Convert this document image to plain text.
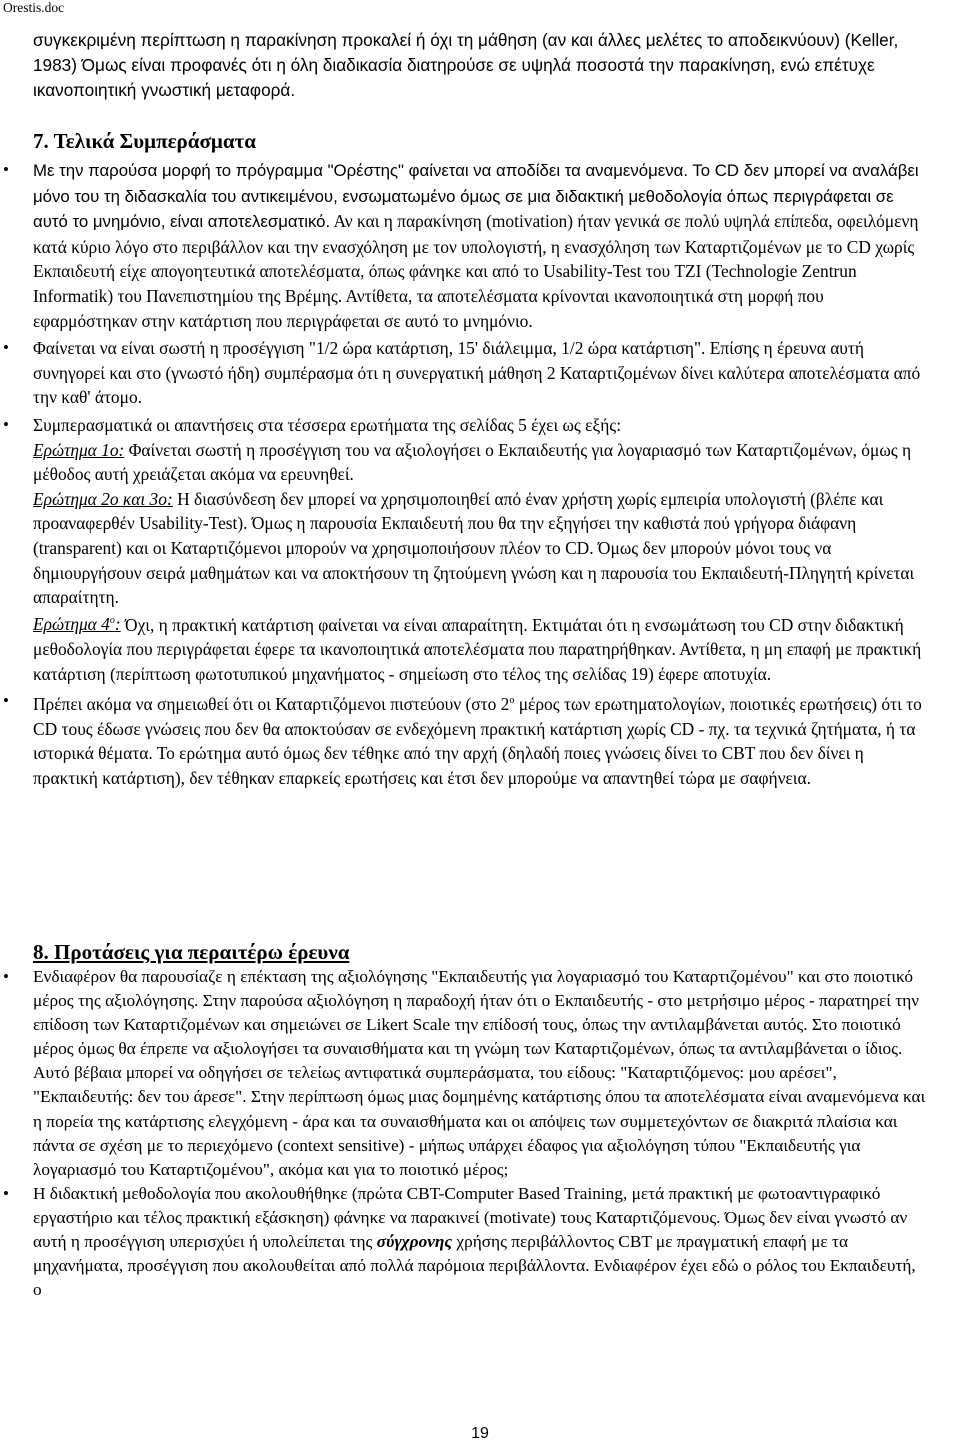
Orestis.doc
συγκεκριμένη περίπτωση η παρακίνηση προκαλεί ή όχι τη μάθηση (αν και άλλες μελέτες το αποδεικνύουν) (Keller, 1983) Όμως είναι προφανές ότι η όλη διαδικασία διατηρούσε σε υψηλά ποσοστά την παρακίνηση, ενώ επέτυχε ικανοποιητική γνωστική μεταφορά.
7. Τελικά Συμπεράσματα
• Με την παρούσα μορφή το πρόγραμμα "Ορέστης" φαίνεται να αποδίδει τα αναμενόμενα. Το CD δεν μπορεί να αναλάβει μόνο του τη διδασκαλία του αντικειμένου, ενσωματωμένο όμως σε μια διδακτική μεθοδολογία όπως περιγράφεται σε αυτό το μνημόνιο, είναι αποτελεσματικό. Αν και η παρακίνηση (motivation) ήταν γενικά σε πολύ υψηλά επίπεδα, οφειλόμενη κατά κύριο λόγο στο περιβάλλον και την ενασχόληση με τον υπολογιστή, η ενασχόληση των Καταρτιζομένων με το CD χωρίς Εκπαιδευτή είχε απογοητευτικά αποτελέσματα, όπως φάνηκε και από το Usability-Test του TZI (Technologie Zentrun Informatik) του Πανεπιστημίου της Βρέμης. Αντίθετα, τα αποτελέσματα κρίνονται ικανοποιητικά στη μορφή που εφαρμόστηκαν στην κατάρτιση που περιγράφεται σε αυτό το μνημόνιο.
• Φαίνεται να είναι σωστή η προσέγγιση "1/2 ώρα κατάρτιση, 15' διάλειμμα, 1/2 ώρα κατάρτιση". Επίσης η έρευνα αυτή συνηγορεί και στο (γνωστό ήδη) συμπέρασμα ότι η συνεργατική μάθηση 2 Καταρτιζομένων δίνει καλύτερα αποτελέσματα από την καθ' άτομο.
• Συμπερασματικά οι απαντήσεις στα τέσσερα ερωτήματα της σελίδας 5 έχει ως εξής:
Ερώτημα 1ο: Φαίνεται σωστή η προσέγγιση του να αξιολογήσει ο Εκπαιδευτής για λογαριασμό των Καταρτιζομένων, όμως η μέθοδος αυτή χρειάζεται ακόμα να ερευνηθεί.
Ερώτημα 2ο και 3ο: Η διασύνδεση δεν μπορεί να χρησιμοποιηθεί από έναν χρήστη χωρίς εμπειρία υπολογιστή (βλέπε και προαναφερθέν Usability-Test). Όμως η παρουσία Εκπαιδευτή που θα την εξηγήσει την καθιστά πού γρήγορα διάφανη (transparent) και οι Καταρτιζόμενοι μπορούν να χρησιμοποιήσουν πλέον το CD. Όμως δεν μπορούν μόνοι τους να δημιουργήσουν σειρά μαθημάτων και να αποκτήσουν τη ζητούμενη γνώση και η παρουσία του Εκπαιδευτή-Πληγητή κρίνεται απαραίτητη.
Ερώτημα $4^o$: Όχι, η πρακτική κατάρτιση φαίνεται να είναι απαραίτητη. Εκτιμάται ότι η ενσωμάτωση του CD στην διδακτική μεθοδολογία που περιγράφεται έφερε τα ικανοποιητικά αποτελέσματα που παρατηρήθηκαν. Αντίθετα, η μη επαφή με πρακτική κατάρτιση (περίπτωση φωτοτυπικού μηχανήματος - σημείωση στο τέλος της σελίδας 19) έφερε αποτυχία.
• Πρέπει ακόμα να σημειωθεί ότι οι Καταρτιζόμενοι πιστεύουν (στο $2^o$ μέρος των ερωτηματολογίων, ποιοτικές ερωτήσεις) ότι το CD τους έδωσε γνώσεις που δεν θα αποκτούσαν σε ενδεχόμενη πρακτική κατάρτιση χωρίς CD - πχ. τα τεχνικά ζητήματα, ή τα ιστορικά θέματα. Το ερώτημα αυτό όμως δεν τέθηκε από την αρχή (δηλαδή ποιες γνώσεις δίνει το CBT που δεν δίνει η πρακτική κατάρτιση), δεν τέθηκαν επαρκείς ερωτήσεις και έτσι δεν μπορούμε να απαντηθεί τώρα με σαφήνεια.
8. Προτάσεις για περαιτέρω έρευνα
• Ενδιαφέρον θα παρουσίαζε η επέκταση της αξιολόγησης "Εκπαιδευτής για λογαριασμό του Καταρτιζομένου" και στο ποιοτικό μέρος της αξιολόγησης. Στην παρούσα αξιολόγηση η παραδοχή ήταν ότι ο Εκπαιδευτής - στο μετρήσιμο μέρος - παρατηρεί την επίδοση των Καταρτιζομένων και σημειώνει σε Likert Scale την επίδοσή τους, όπως την αντιλαμβάνεται αυτός. Στο ποιοτικό μέρος όμως θα έπρεπε να αξιολογήσει τα συναισθήματα και τη γνώμη των Καταρτιζομένων, όπως τα αντιλαμβάνεται ο ίδιος. Αυτό βέβαια μπορεί να οδηγήσει σε τελείως αντιφατικά συμπεράσματα, του είδους: "Καταρτιζόμενος: μου αρέσει", "Εκπαιδευτής: δεν του άρεσε". Στην περίπτωση όμως μιας δομημένης κατάρτισης όπου τα αποτελέσματα είναι αναμενόμενα και η πορεία της κατάρτισης ελεγχόμενη - άρα και τα συναισθήματα και οι απόψεις των συμμετεχόντων σε διακριτά πλαίσια και πάντα σε σχέση με το περιεχόμενο (context sensitive) - μήπως υπάρχει έδαφος για αξιολόγηση τύπου "Εκπαιδευτής για λογαριασμό του Καταρτιζομένου", ακόμα και για το ποιοτικό μέρος;
• Η διδακτική μεθοδολογία που ακολουθήθηκε (πρώτα CBT-Computer Based Training, μετά πρακτική με φωτοαντιγραφικό εργαστήριο και τέλος πρακτική εξάσκηση) φάνηκε να παρακινεί (motivate) τους Καταρτιζόμενους. Όμως δεν είναι γνωστό αν αυτή η προσέγγιση υπερισχύει ή υπολείπεται της σύγχρονης χρήσης περιβάλλοντος CBT με πραγματική επαφή με τα μηχανήματα, προσέγγιση που ακολουθείται από πολλά παρόμοια περιβάλλοντα. Ενδιαφέρον έχει εδώ ο ρόλος του Εκπαιδευτή, ο
19
